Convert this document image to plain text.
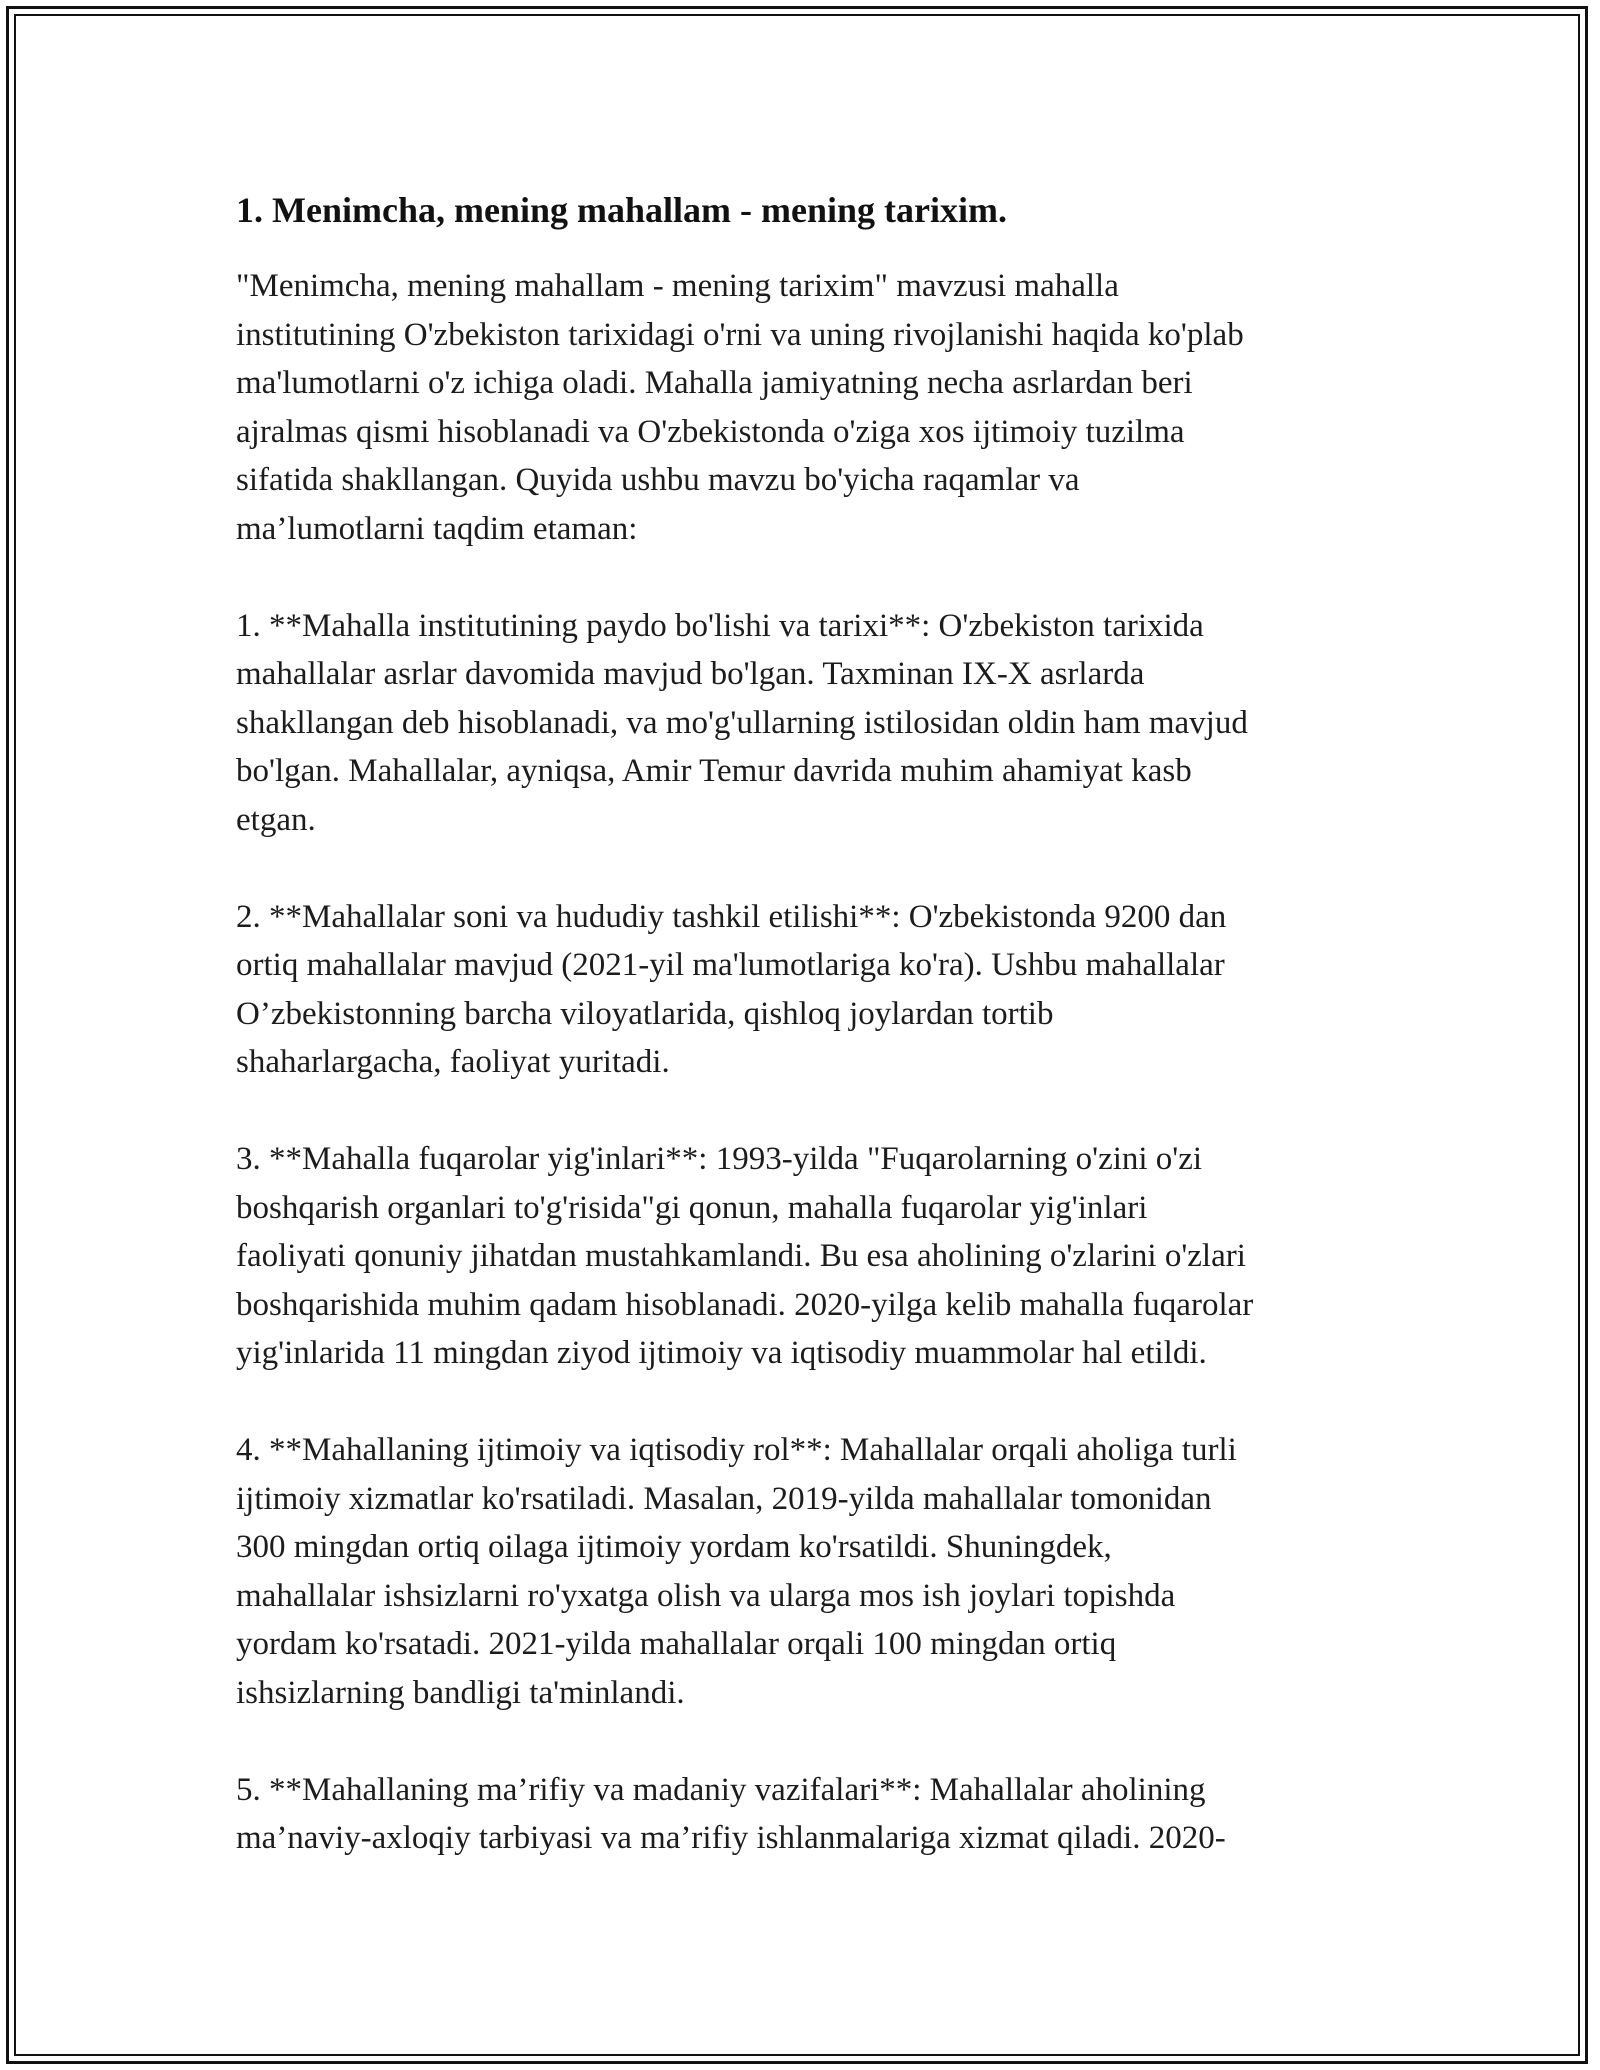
1. Menimcha, mening mahallam - mening tarixim.
"Menimcha, mening mahallam - mening tarixim" mavzusi mahalla
institutining O'zbekiston tarixidagi o'rni va uning rivojlanishi haqida ko'plab
ma'lumotlarni o'z ichiga oladi. Mahalla jamiyatning necha asrlardan beri
ajralmas qismi hisoblanadi va O'zbekistonda o'ziga xos ijtimoiy tuzilma
sifatida shakllangan. Quyida ushbu mavzu bo'yicha raqamlar va
ma’lumotlarni taqdim etaman:
1. **Mahalla institutining paydo bo'lishi va tarixi**: O'zbekiston tarixida
mahallalar asrlar davomida mavjud bo'lgan. Taxminan IX-X asrlarda
shakllangan deb hisoblanadi, va mo'g'ullarning istilosidan oldin ham mavjud
bo'lgan. Mahallalar, ayniqsa, Amir Temur davrida muhim ahamiyat kasb
etgan.
2. **Mahallalar soni va hududiy tashkil etilishi**: O'zbekistonda 9200 dan
ortiq mahallalar mavjud (2021-yil ma'lumotlariga ko'ra). Ushbu mahallalar
O’zbekistonning barcha viloyatlarida, qishloq joylardan tortib
shaharlargacha, faoliyat yuritadi.
3. **Mahalla fuqarolar yig'inlari**: 1993-yilda "Fuqarolarning o'zini o'zi
boshqarish organlari to'g'risida"gi qonun, mahalla fuqarolar yig'inlari
faoliyati qonuniy jihatdan mustahkamlandi. Bu esa aholining o'zlarini o'zlari
boshqarishida muhim qadam hisoblanadi. 2020-yilga kelib mahalla fuqarolar
yig'inlarida 11 mingdan ziyod ijtimoiy va iqtisodiy muammolar hal etildi.
4. **Mahallaning ijtimoiy va iqtisodiy rol**: Mahallalar orqali aholiga turli
ijtimoiy xizmatlar ko'rsatiladi. Masalan, 2019-yilda mahallalar tomonidan
300 mingdan ortiq oilaga ijtimoiy yordam ko'rsatildi. Shuningdek,
mahallalar ishsizlarni ro'yxatga olish va ularga mos ish joylari topishda
yordam ko'rsatadi. 2021-yilda mahallalar orqali 100 mingdan ortiq
ishsizlarning bandligi ta'minlandi.
5. **Mahallaning ma’rifiy va madaniy vazifalari**: Mahallalar aholining
ma’naviy-axloqiy tarbiyasi va ma’rifiy ishlanmalariga xizmat qiladi. 2020-
